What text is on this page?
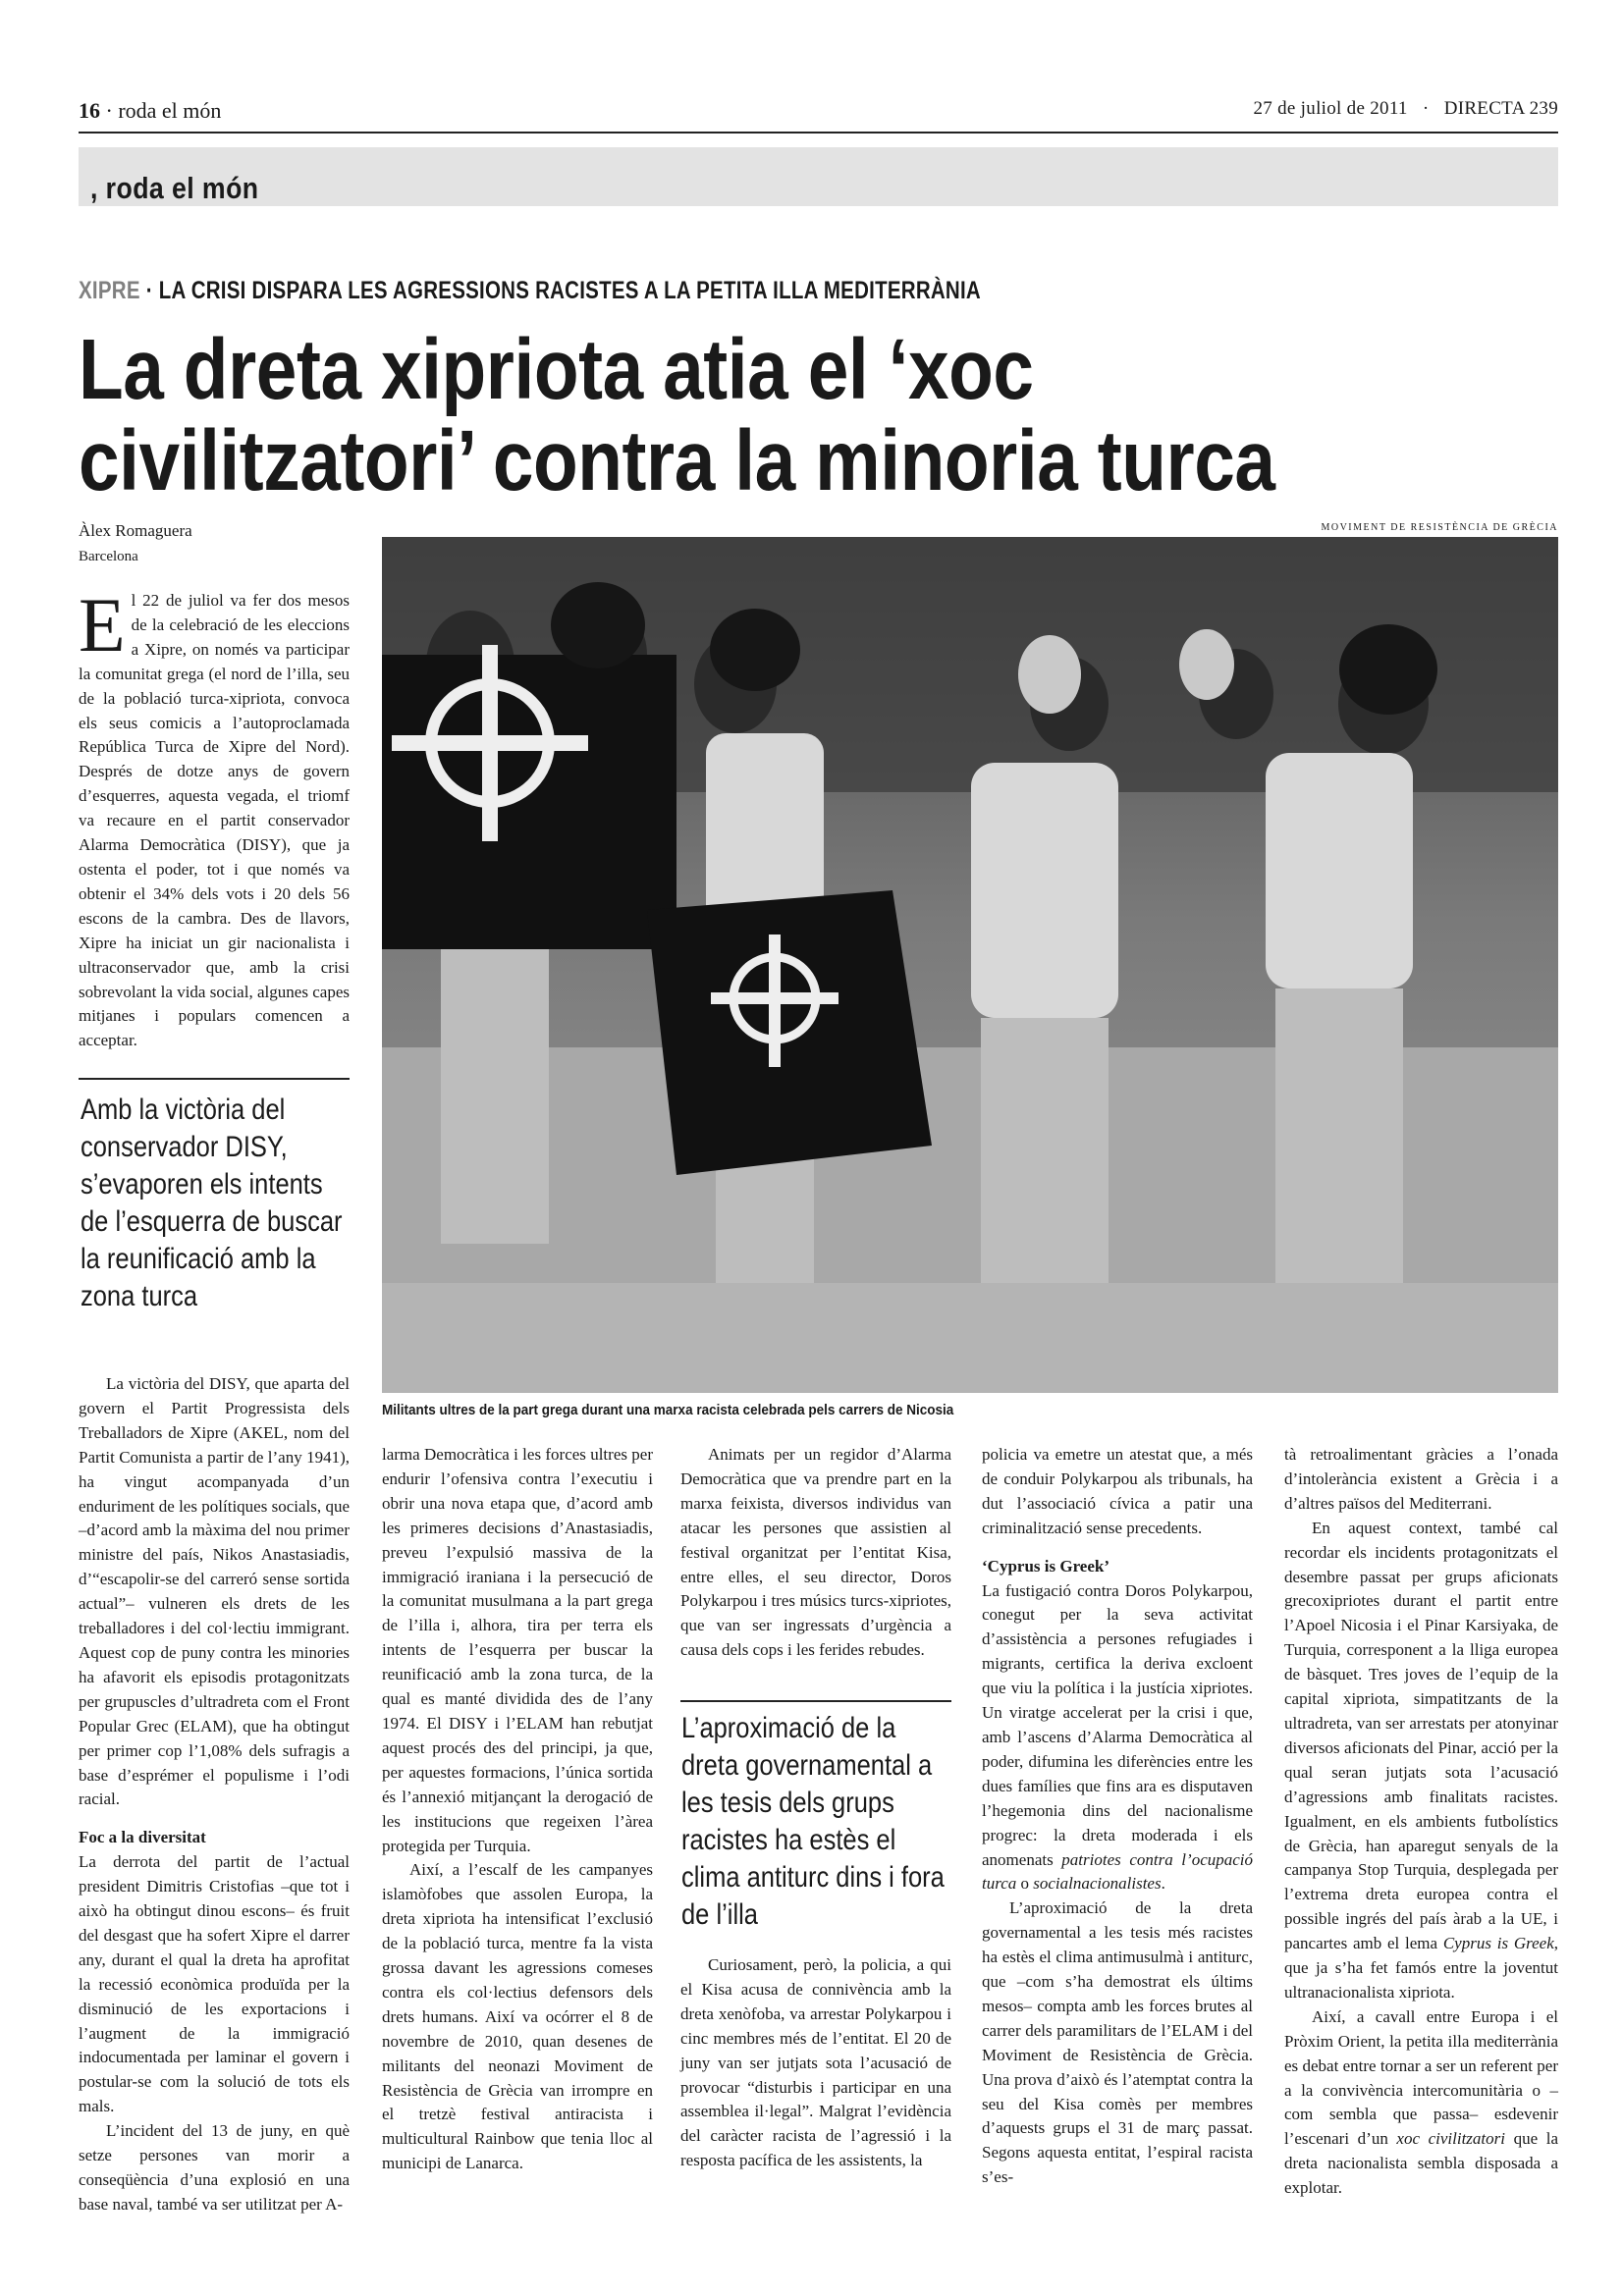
16 · roda el món	27 de juliol de 2011 · DIRECTA 239
, roda el món
XIPRE · LA CRISI DISPARA LES AGRESSIONS RACISTES A LA PETITA ILLA MEDITERRÀNIA
La dreta xipriota atia el ‘xoc
civilitzatori’ contra la minoria turca
Àlex Romaguera
Barcelona
MOVIMENT DE RESISTÈNCIA DE GRÈCIA
Militants ultres de la part grega durant una marxa racista celebrada pels carrers de Nicosia

El 22 de juliol va fer dos mesos de la celebració de les eleccions a Xipre, on només va participar la comunitat grega (el nord de l’illa, seu de la població turca-xipriota, convoca els seus comicis a l’autoproclamada República Turca de Xipre del Nord). Després de dotze anys de govern d’esquerres, aquesta vegada, el triomf va recaure en el partit conservador Alarma Democràtica (DISY), que ja ostenta el poder, tot i que només va obtenir el 34% dels vots i 20 dels 56 escons de la cambra. Des de llavors, Xipre ha iniciat un gir nacionalista i ultraconservador que, amb la crisi sobrevolant la vida social, algunes capes mitjanes i populars comencen a acceptar.

Amb la victòria del conservador DISY, s’evaporen els intents de l’esquerra de buscar la reunificació amb la zona turca

La victòria del DISY, que aparta del govern el Partit Progressista dels Treballadors de Xipre (AKEL, nom del Partit Comunista a partir de l’any 1941), ha vingut acompanyada d’un enduriment de les polítiques socials, que –d’acord amb la màxima del nou primer ministre del país, Nikos Anastasiadis, d’“escapolir-se del carreró sense sortida actual”– vulneren els drets de les treballadores i del col·lectiu immigrant. Aquest cop de puny contra les minories ha afavorit els episodis protagonitzats per grupuscles d’ultradreta com el Front Popular Grec (ELAM), que ha obtingut per primer cop l’1,08% dels sufragis a base d’esprémer el populisme i l’odi racial.

Foc a la diversitat

La derrota del partit de l’actual president Dimitris Cristofias –que tot i això ha obtingut dinou escons– és fruit del desgast que ha sofert Xipre el darrer any, durant el qual la dreta ha aprofitat la recessió econòmica produïda per la disminució de les exportacions i l’augment de la immigració indocumentada per laminar el govern i postular-se com la solució de tots els mals.

L’incident del 13 de juny, en què setze persones van morir a conseqüència d’una explosió en una base naval, també va ser utilitzat per A-

larma Democràtica i les forces ultres per endurir l’ofensiva contra l’executiu i obrir una nova etapa que, d’acord amb les primeres decisions d’Anastasiadis, preveu l’expulsió massiva de la immigració iraniana i la persecució de la comunitat musulmana a la part grega de l’illa i, alhora, tira per terra els intents de l’esquerra per buscar la reunificació amb la zona turca, de la qual es manté dividida des de l’any 1974. El DISY i l’ELAM han rebutjat aquest procés des del principi, ja que, per aquestes formacions, l’única sortida és l’annexió mitjançant la derogació de les institucions que regeixen l’àrea protegida per Turquia.

Així, a l’escalf de les campanyes islamòfobes que assolen Europa, la dreta xipriota ha intensificat l’exclusió de la població turca, mentre fa la vista grossa davant les agressions comeses contra els col·lectius defensors dels drets humans. Així va ocórrer el 8 de novembre de 2010, quan desenes de militants del neonazi Moviment de Resistència de Grècia van irrompre en el tretzè festival antiracista i multicultural Rainbow que tenia lloc al municipi de Lanarca.

Animats per un regidor d’Alarma Democràtica que va prendre part en la marxa feixista, diversos individus van atacar les persones que assistien al festival organitzat per l’entitat Kisa, entre elles, el seu director, Doros Polykarpou i tres músics turcs-xipriotes, que van ser ingressats d’urgència a causa dels cops i les ferides rebudes.

L’aproximació de la dreta governamental a les tesis dels grups racistes ha estès el clima antiturc dins i fora de l’illa

Curiosament, però, la policia, a qui el Kisa acusa de connivència amb la dreta xenòfoba, va arrestar Polykarpou i cinc membres més de l’entitat. El 20 de juny van ser jutjats sota l’acusació de provocar “disturbis i participar en una assemblea il·legal”. Malgrat l’evidència del caràcter racista de l’agressió i la resposta pacífica de les assistents, la

policia va emetre un atestat que, a més de conduir Polykarpou als tribunals, ha dut l’associació cívica a patir una criminalització sense precedents.

‘Cyprus is Greek’

La fustigació contra Doros Polykarpou, conegut per la seva activitat d’assistència a persones refugiades i migrants, certifica la deriva excloent que viu la política i la justícia xipriotes. Un viratge accelerat per la crisi i que, amb l’ascens d’Alarma Democràtica al poder, difumina les diferències entre les dues famílies que fins ara es disputaven l’hegemonia dins del nacionalisme progrec: la dreta moderada i els anomenats patriotes contra l’ocupació turca o socialnacionalistes.

L’aproximació de la dreta governamental a les tesis més racistes ha estès el clima antimusulmà i antiturc, que –com s’ha demostrat els últims mesos– compta amb les forces brutes al carrer dels paramilitars de l’ELAM i del Moviment de Resistència de Grècia. Una prova d’això és l’atemptat contra la seu del Kisa comès per membres d’aquests grups el 31 de març passat. Segons aquesta entitat, l’espiral racista s’es-

tà retroalimentant gràcies a l’onada d’intolerància existent a Grècia i a d’altres països del Mediterrani.

En aquest context, també cal recordar els incidents protagonitzats el desembre passat per grups aficionats grecoxipriotes durant el partit entre l’Apoel Nicosia i el Pinar Karsiyaka, de Turquia, corresponent a la lliga europea de bàsquet. Tres joves de l’equip de la capital xipriota, simpatitzants de la ultradreta, van ser arrestats per atonyinar diversos aficionats del Pinar, acció per la qual seran jutjats sota l’acusació d’agressions amb finalitats racistes. Igualment, en els ambients futbolístics de Grècia, han aparegut senyals de la campanya Stop Turquia, desplegada per l’extrema dreta europea contra el possible ingrés del país àrab a la UE, i pancartes amb el lema Cyprus is Greek, que ja s’ha fet famós entre la joventut ultranacionalista xipriota.

Així, a cavall entre Europa i el Pròxim Orient, la petita illa mediterrània es debat entre tornar a ser un referent per a la convivència intercomunitària o –com sembla que passa– esdevenir l’escenari d’un xoc civilitzatori que la dreta nacionalista sembla disposada a explotar.
